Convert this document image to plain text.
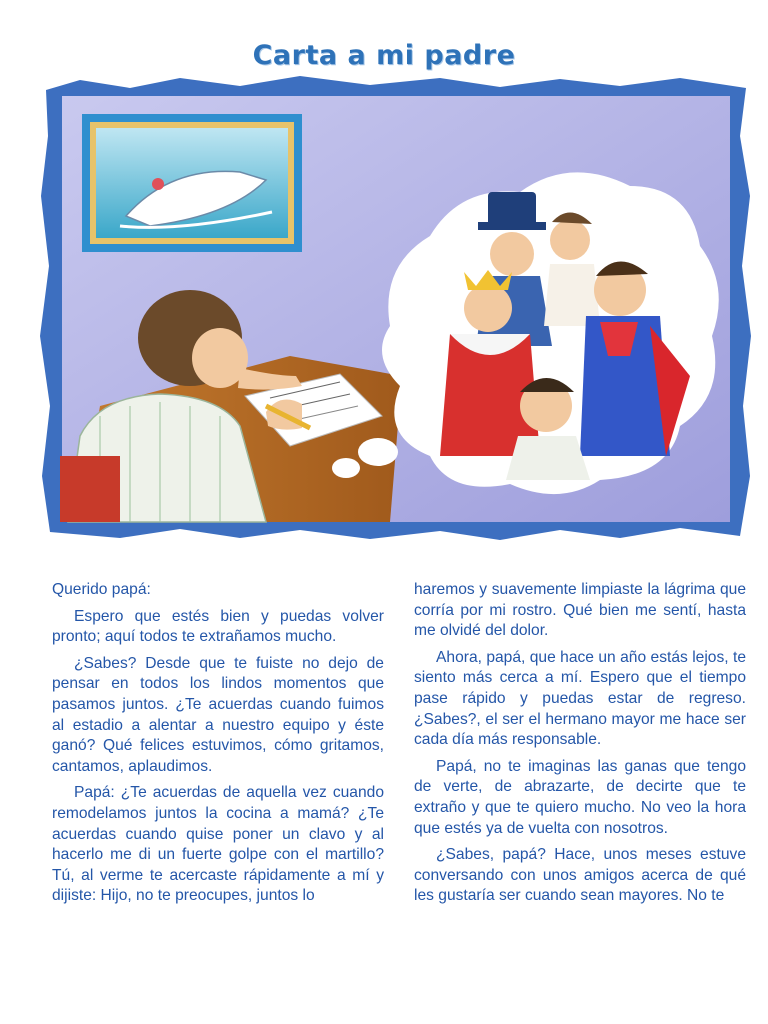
Carta a mi padre

Querido papá:

Espero que estés bien y puedas volver pronto; aquí todos te extrañamos mucho.

¿Sabes? Desde que te fuiste no dejo de pensar en todos los lindos momentos que pasamos juntos. ¿Te acuerdas cuando fuimos al estadio a alentar a nuestro equipo y éste ganó? Qué felices estuvimos, cómo gritamos, cantamos, aplaudimos.

Papá: ¿Te acuerdas de aquella vez cuando remodelamos juntos la cocina a mamá? ¿Te acuerdas cuando quise poner un clavo y al hacerlo me di un fuerte golpe con el martillo? Tú, al verme te acercaste rápidamente a mí y dijiste: Hijo, no te preocupes, juntos lo

haremos y suavemente limpiaste la lágrima que corría por mi rostro. Qué bien me sentí, hasta me olvidé del dolor.

Ahora, papá, que hace un año estás lejos, te siento más cerca a mí. Espero que el tiempo pase rápido y puedas estar de regreso. ¿Sabes?, el ser el hermano mayor me hace ser cada día más responsable.

Papá, no te imaginas las ganas que tengo de verte, de abrazarte, de decirte que te extraño y que te quiero mucho. No veo la hora que estés ya de vuelta con nosotros.

¿Sabes, papá? Hace, unos meses estuve conversando con unos amigos acerca de qué les gustaría ser cuando sean mayores. No te
